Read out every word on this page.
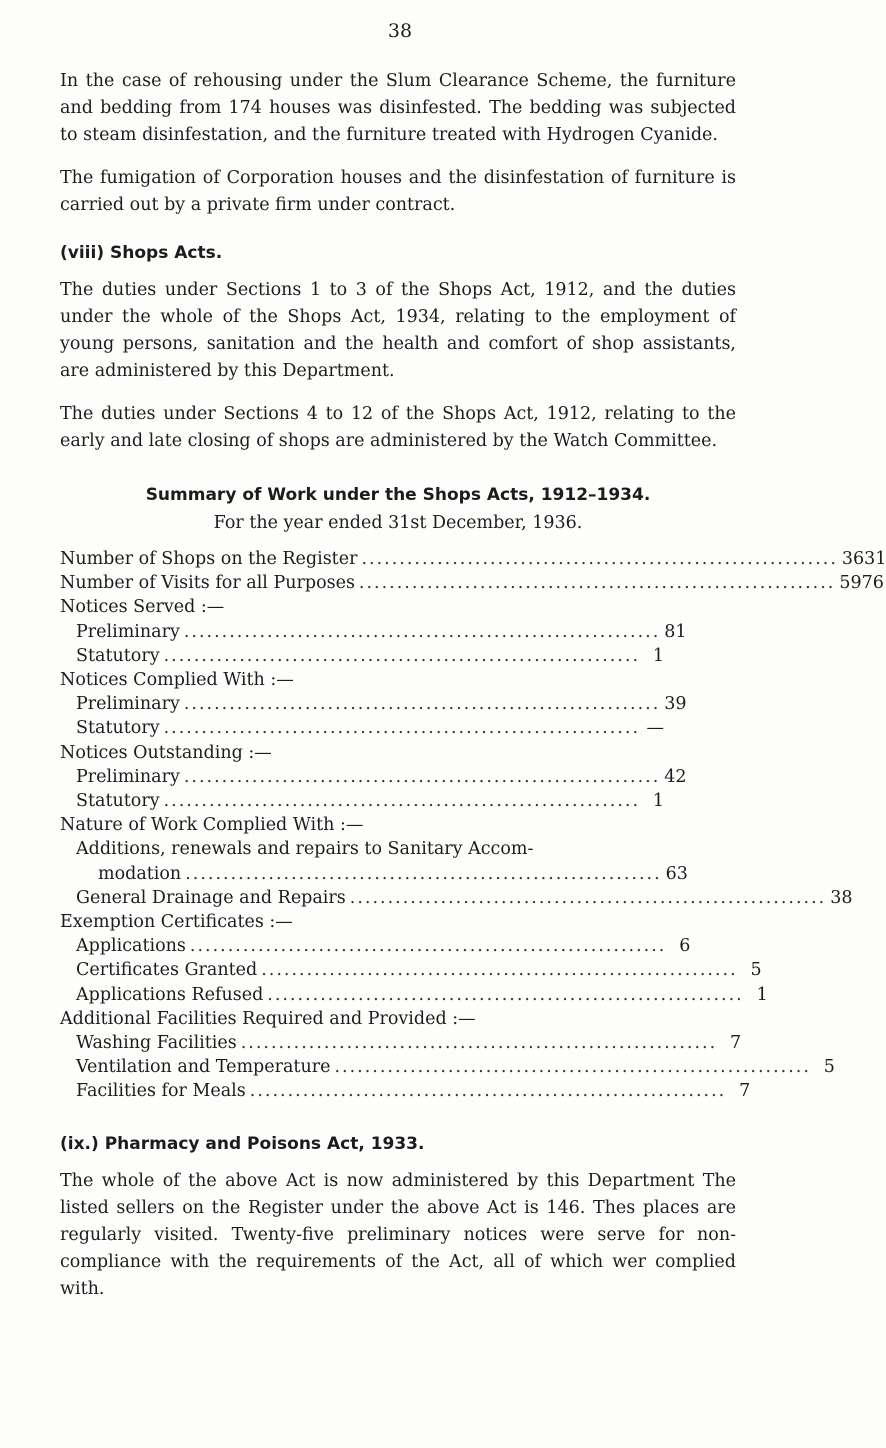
38

In the case of rehousing under the Slum Clearance Scheme, the furniture and bedding from 174 houses was disinfested. The bedding was subjected to steam disinfestation, and the furniture treated with Hydrogen Cyanide.

The fumigation of Corporation houses and the disinfestation of furniture is carried out by a private firm under contract.

(viii) Shops Acts.

The duties under Sections 1 to 3 of the Shops Act, 1912, and the duties under the whole of the Shops Act, 1934, relating to the employment of young persons, sanitation and the health and comfort of shop assistants, are administered by this Department.

The duties under Sections 4 to 12 of the Shops Act, 1912, relating to the early and late closing of shops are administered by the Watch Committee.

Summary of Work under the Shops Acts, 1912–1934.
For the year ended 31st December, 1936.
Number of Shops on the Register ............................................................... 3631
Number of Visits for all Purposes ............................................................... 5976
Notices Served :—
Preliminary ............................................................... 81
Statutory ............................................................... 1
Notices Complied With :—
Preliminary ............................................................... 39
Statutory ............................................................... —
Notices Outstanding :—
Preliminary ............................................................... 42
Statutory ............................................................... 1
Nature of Work Complied With :—
Additions, renewals and repairs to Sanitary Accom-
modation ............................................................... 63
General Drainage and Repairs ............................................................... 38
Exemption Certificates :—
Applications ............................................................... 6
Certificates Granted ............................................................... 5
Applications Refused ............................................................... 1
Additional Facilities Required and Provided :—
Washing Facilities ............................................................... 7
Ventilation and Temperature ............................................................... 5
Facilities for Meals ............................................................... 7
(ix.) Pharmacy and Poisons Act, 1933.

The whole of the above Act is now administered by this Department The listed sellers on the Register under the above Act is 146. Thes places are regularly visited. Twenty-five preliminary notices were serve for non-compliance with the requirements of the Act, all of which wer complied with.
